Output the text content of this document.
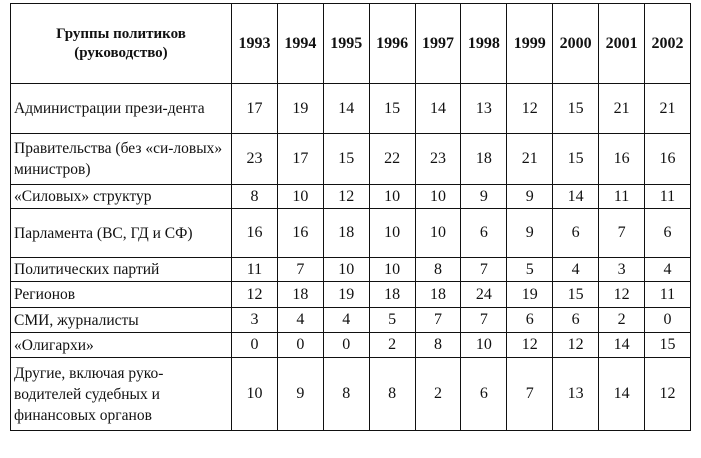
Группы политиков (руководство)	1993	1994	1995	1996	1997	1998	1999	2000	2001	2002
Администрации прези-дента	17	19	14	15	14	13	12	15	21	21
Правительства (без «си-ловых» министров)	23	17	15	22	23	18	21	15	16	16
«Силовых» структур	8	10	12	10	10	9	9	14	11	11
Парламента (ВС, ГД и СФ)	16	16	18	10	10	6	9	6	7	6
Политических партий	11	7	10	10	8	7	5	4	3	4
Регионов	12	18	19	18	18	24	19	15	12	11
СМИ, журналисты	3	4	4	5	7	7	6	6	2	0
«Олигархи»	0	0	0	2	8	10	12	12	14	15
Другие, включая руко-водителей судебных и финансовых органов	10	9	8	8	2	6	7	13	14	12
